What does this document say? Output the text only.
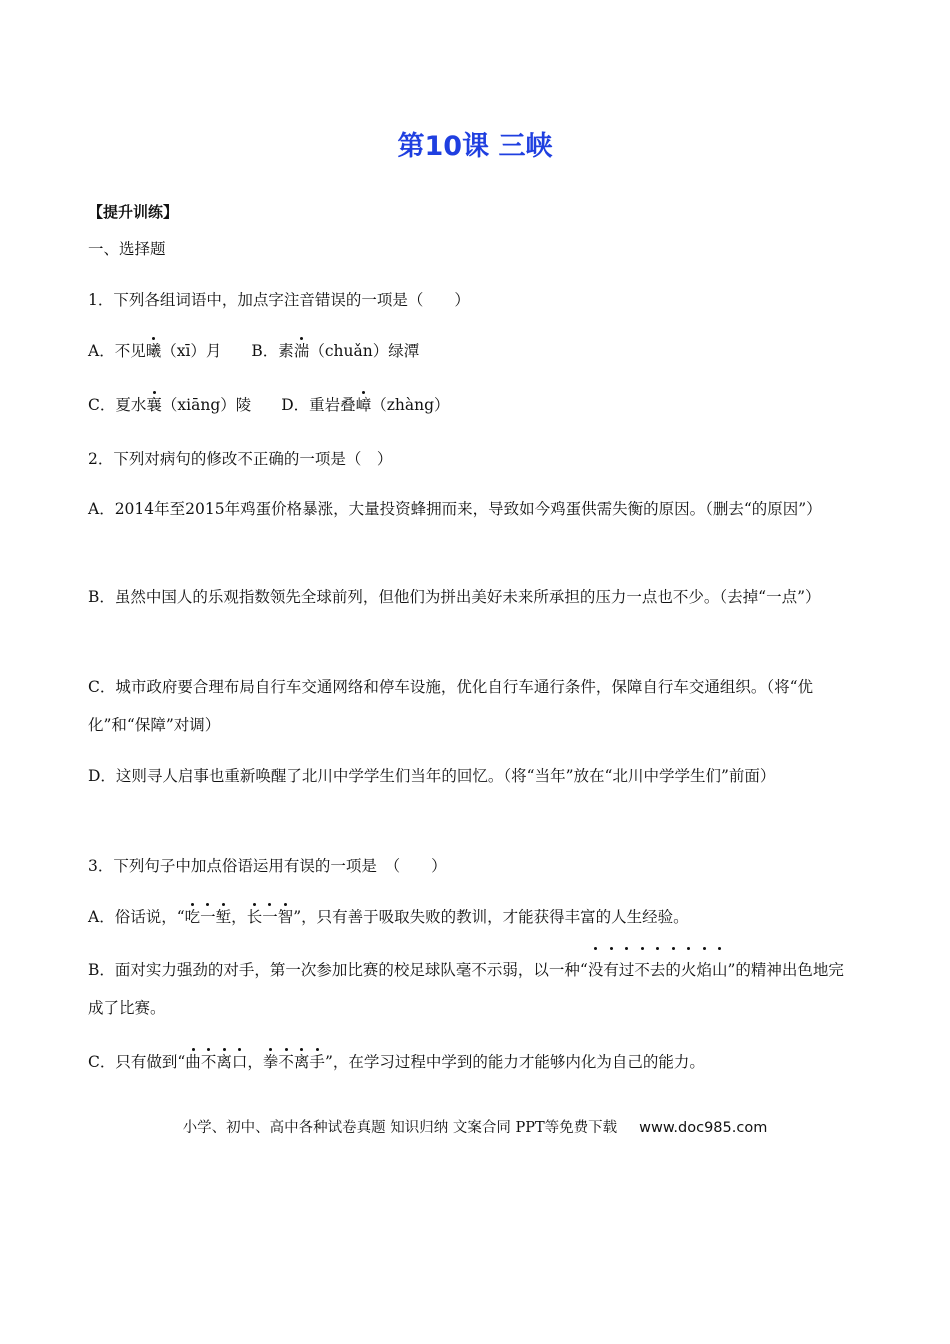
第10课 三峡
【提升训练】
一、选择题
1．下列各组词语中，加点字注音错误的一项是（　　）
A．不见曦（xī）月 B．素湍（chuǎn）绿潭
C．夏水襄（xiāng）陵 D．重岩叠嶂（zhàng）
2．下列对病句的修改不正确的一项是（　）
A．2014年至2015年鸡蛋价格暴涨，大量投资蜂拥而来，导致如今鸡蛋供需失衡的原因。（删去“的原因”）
B．虽然中国人的乐观指数领先全球前列，但他们为拼出美好未来所承担的压力一点也不少。（去掉“一点”）
C．城市政府要合理布局自行车交通网络和停车设施，优化自行车通行条件，保障自行车交通组织。（将“优化”和“保障”对调）
D．这则寻人启事也重新唤醒了北川中学学生们当年的回忆。（将“当年”放在“北川中学学生们”前面）
3．下列句子中加点俗语运用有误的一项是　（　　）
A．俗话说，“吃一堑，长一智”，只有善于吸取失败的教训，才能获得丰富的人生经验。
B．面对实力强劲的对手，第一次参加比赛的校足球队毫不示弱，以一种“没有过不去的火焰山”的精神出色地完成了比赛。
C．只有做到“曲不离口，拳不离手”，在学习过程中学到的能力才能够内化为自己的能力。
小学、初中、高中各种试卷真题 知识归纳 文案合同 PPT等免费下载 www.doc985.com
